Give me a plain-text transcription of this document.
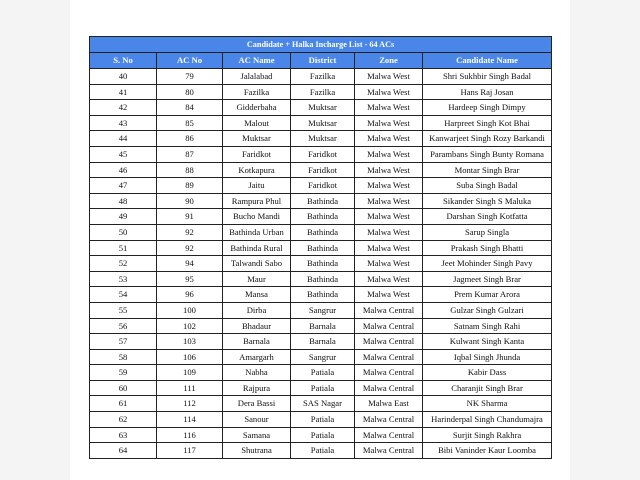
Candidate + Halka Incharge List - 64 ACs					
S. No	AC No	AC Name	District	Zone	Candidate Name
40	79	Jalalabad	Fazilka	Malwa West	Shri Sukhbir Singh Badal
41	80	Fazilka	Fazilka	Malwa West	Hans Raj Josan
42	84	Gidderbaha	Muktsar	Malwa West	Hardeep Singh Dimpy
43	85	Malout	Muktsar	Malwa West	Harpreet Singh Kot Bhai
44	86	Muktsar	Muktsar	Malwa West	Kanwarjeet Singh Rozy Barkandi
45	87	Faridkot	Faridkot	Malwa West	Parambans Singh Bunty Romana
46	88	Kotkapura	Faridkot	Malwa West	Montar Singh Brar
47	89	Jaitu	Faridkot	Malwa West	Suba Singh Badal
48	90	Rampura Phul	Bathinda	Malwa West	Sikander Singh S Maluka
49	91	Bucho Mandi	Bathinda	Malwa West	Darshan Singh Kotfatta
50	92	Bathinda Urban	Bathinda	Malwa West	Sarup Singla
51	92	Bathinda Rural	Bathinda	Malwa West	Prakash Singh Bhatti
52	94	Talwandi Sabo	Bathinda	Malwa West	Jeet Mohinder Singh Pavy
53	95	Maur	Bathinda	Malwa West	Jagmeet Singh Brar
54	96	Mansa	Bathinda	Malwa West	Prem Kumar Arora
55	100	Dirba	Sangrur	Malwa Central	Gulzar Singh Gulzari
56	102	Bhadaur	Barnala	Malwa Central	Satnam Singh Rahi
57	103	Barnala	Barnala	Malwa Central	Kulwant Singh Kanta
58	106	Amargarh	Sangrur	Malwa Central	Iqbal Singh Jhunda
59	109	Nabha	Patiala	Malwa Central	Kabir Dass
60	111	Rajpura	Patiala	Malwa Central	Charanjit Singh Brar
61	112	Dera Bassi	SAS Nagar	Malwa East	NK Sharma
62	114	Sanour	Patiala	Malwa Central	Harinderpal Singh Chandumajra
63	116	Samana	Patiala	Malwa Central	Surjit Singh Rakhra
64	117	Shutrana	Patiala	Malwa Central	Bibi Vaninder Kaur Loomba
